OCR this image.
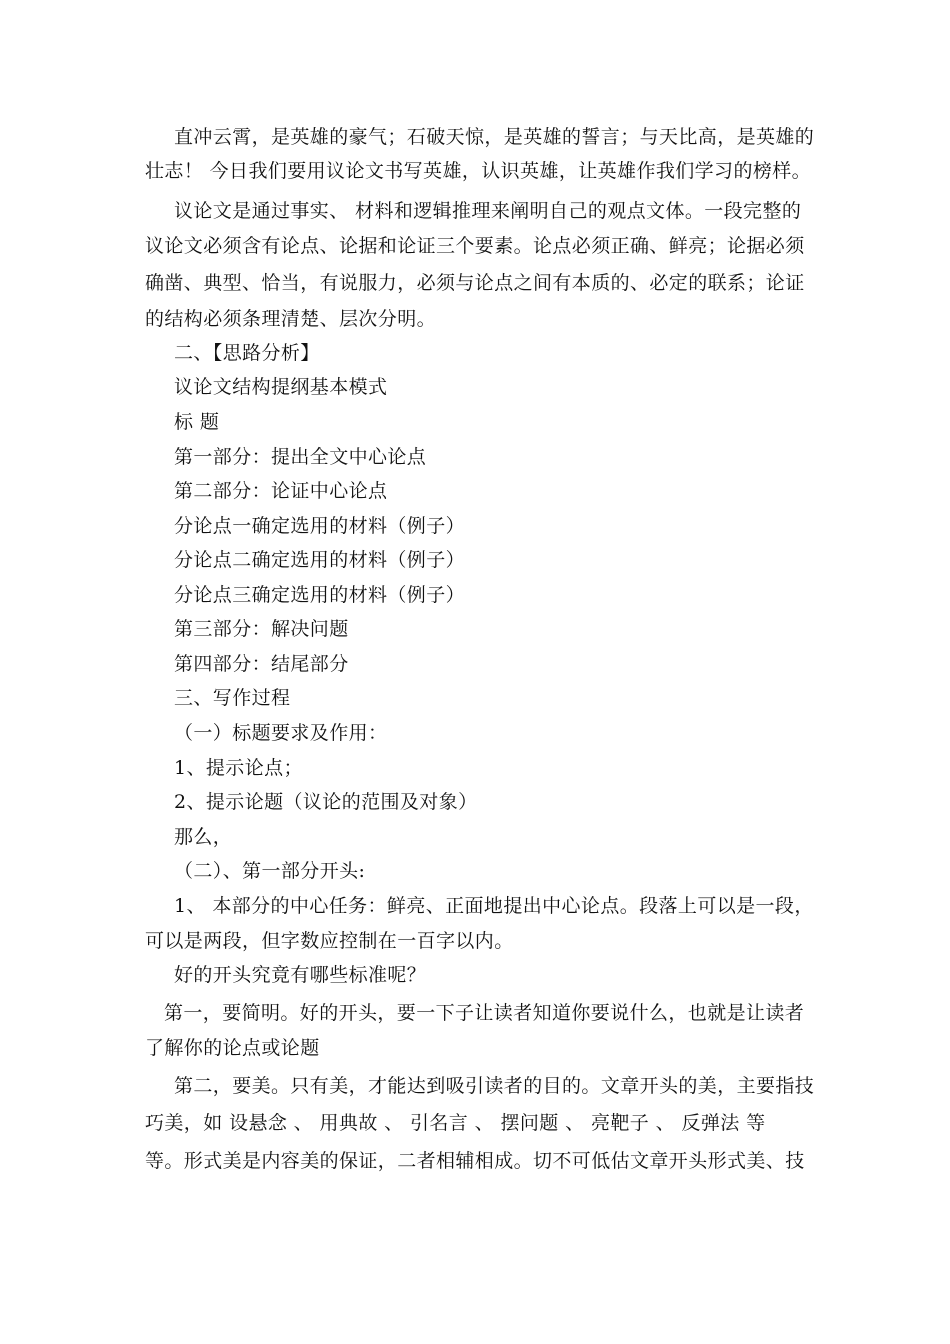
直冲云霄，是英雄的豪气；石破天惊，是英雄的誓言；与天比高，是英雄的
壮志！ 今日我们要用议论文书写英雄，认识英雄，让英雄作我们学习的榜样。
议论文是通过事实、 材料和逻辑推理来阐明自己的观点文体。一段完整的
议论文必须含有论点、论据和论证三个要素。论点必须正确、鲜亮；论据必须
确凿、典型、恰当，有说服力，必须与论点之间有本质的、必定的联系；论证
的结构必须条理清楚、层次分明。
二、【思路分析】
议论文结构提纲基本模式
标 题
第一部分：提出全文中心论点
第二部分：论证中心论点
分论点一确定选用的材料（例子）
分论点二确定选用的材料（例子）
分论点三确定选用的材料（例子）
第三部分：解决问题
第四部分：结尾部分
三、写作过程
（一）标题要求及作用：
1、提示论点；
2、提示论题（议论的范围及对象）
那么，
（二）、第一部分开头:
1、 本部分的中心任务：鲜亮、正面地提出中心论点。段落上可以是一段，
可以是两段，但字数应控制在一百字以内。
好的开头究竟有哪些标准呢？
第一，要简明。好的开头，要一下子让读者知道你要说什么，也就是让读者
了解你的论点或论题
第二，要美。只有美，才能达到吸引读者的目的。文章开头的美，主要指技
巧美，如 设悬念 、 用典故 、 引名言 、 摆问题 、 亮靶子 、 反弹法 等
等。形式美是内容美的保证，二者相辅相成。切不可低估文章开头形式美、技
